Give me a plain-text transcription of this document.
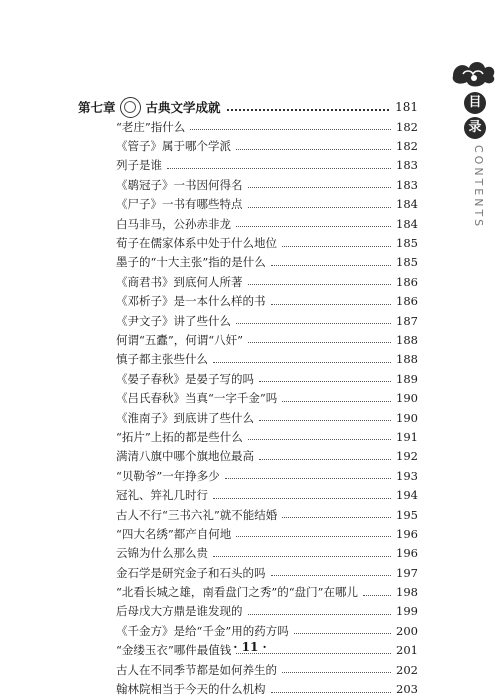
目
录
CONTENTS
第七章 古典文学成就	181
“老庄”指什么	182
《管子》属于哪个学派	182
列子是谁	183
《鹖冠子》一书因何得名	183
《尸子》一书有哪些特点	184
白马非马，公孙赤非龙	184
荀子在儒家体系中处于什么地位	185
墨子的“十大主张”指的是什么	185
《商君书》到底何人所著	186
《邓析子》是一本什么样的书	186
《尹文子》讲了些什么	187
何谓“五蠹”，何谓“八奸”	188
慎子都主张些什么	188
《晏子春秋》是晏子写的吗	189
《吕氏春秋》当真“一字千金”吗	190
《淮南子》到底讲了些什么	190
“拓片”上拓的都是些什么	191
满清八旗中哪个旗地位最高	192
“贝勒爷”一年挣多少	193
冠礼、笄礼几时行	194
古人不行“三书六礼”就不能结婚	195
“四大名绣”都产自何地	196
云锦为什么那么贵	196
金石学是研究金子和石头的吗	197
“北看长城之雄，南看盘门之秀”的“盘门”在哪儿	198
后母戊大方鼎是谁发现的	199
《千金方》是给“千金”用的药方吗	200
“金缕玉衣”哪件最值钱	201
古人在不同季节都是如何养生的	202
翰林院相当于今天的什么机构	203
· 11 ·
